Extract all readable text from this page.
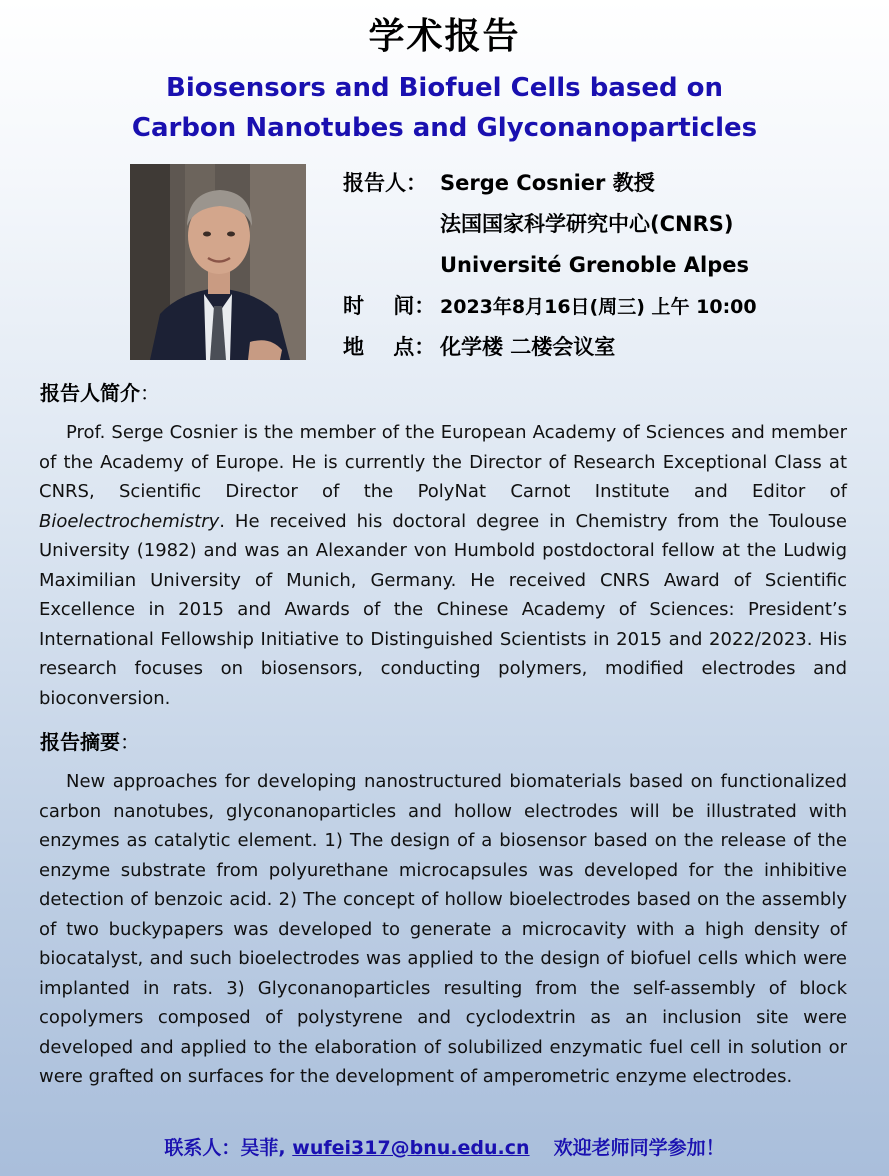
学术报告
Biosensors and Biofuel Cells based on
Carbon Nanotubes and Glyconanoparticles
报告人： Serge Cosnier 教授
法国国家科学研究中心(CNRS)
Université Grenoble Alpes
时    间： 2023年8月16日(周三) 上午 10:00
地    点： 化学楼 二楼会议室
报告人简介：
Prof. Serge Cosnier is the member of the European Academy of Sciences and member of the Academy of Europe. He is currently the Director of Research Exceptional Class at CNRS, Scientific Director of the PolyNat Carnot Institute and Editor of Bioelectrochemistry. He received his doctoral degree in Chemistry from the Toulouse University (1982) and was an Alexander von Humbold postdoctoral fellow at the Ludwig Maximilian University of Munich, Germany. He received CNRS Award of Scientific Excellence in 2015 and Awards of the Chinese Academy of Sciences: President’s International Fellowship Initiative to Distinguished Scientists in 2015 and 2022/2023. His research focuses on biosensors, conducting polymers, modified electrodes and bioconversion.
报告摘要：
New approaches for developing nanostructured biomaterials based on functionalized carbon nanotubes, glyconanoparticles and hollow electrodes will be illustrated with enzymes as catalytic element. 1) The design of a biosensor based on the release of the enzyme substrate from polyurethane microcapsules was developed for the inhibitive detection of benzoic acid. 2) The concept of hollow bioelectrodes based on the assembly of two buckypapers was developed to generate a microcavity with a high density of biocatalyst, and such bioelectrodes was applied to the design of biofuel cells which were implanted in rats. 3) Glyconanoparticles resulting from the self-assembly of block copolymers composed of polystyrene and cyclodextrin as an inclusion site were developed and applied to the elaboration of solubilized enzymatic fuel cell in solution or were grafted on surfaces for the development of amperometric enzyme electrodes.
联系人：吴菲, wufei317@bnu.edu.cn 欢迎老师同学参加！
